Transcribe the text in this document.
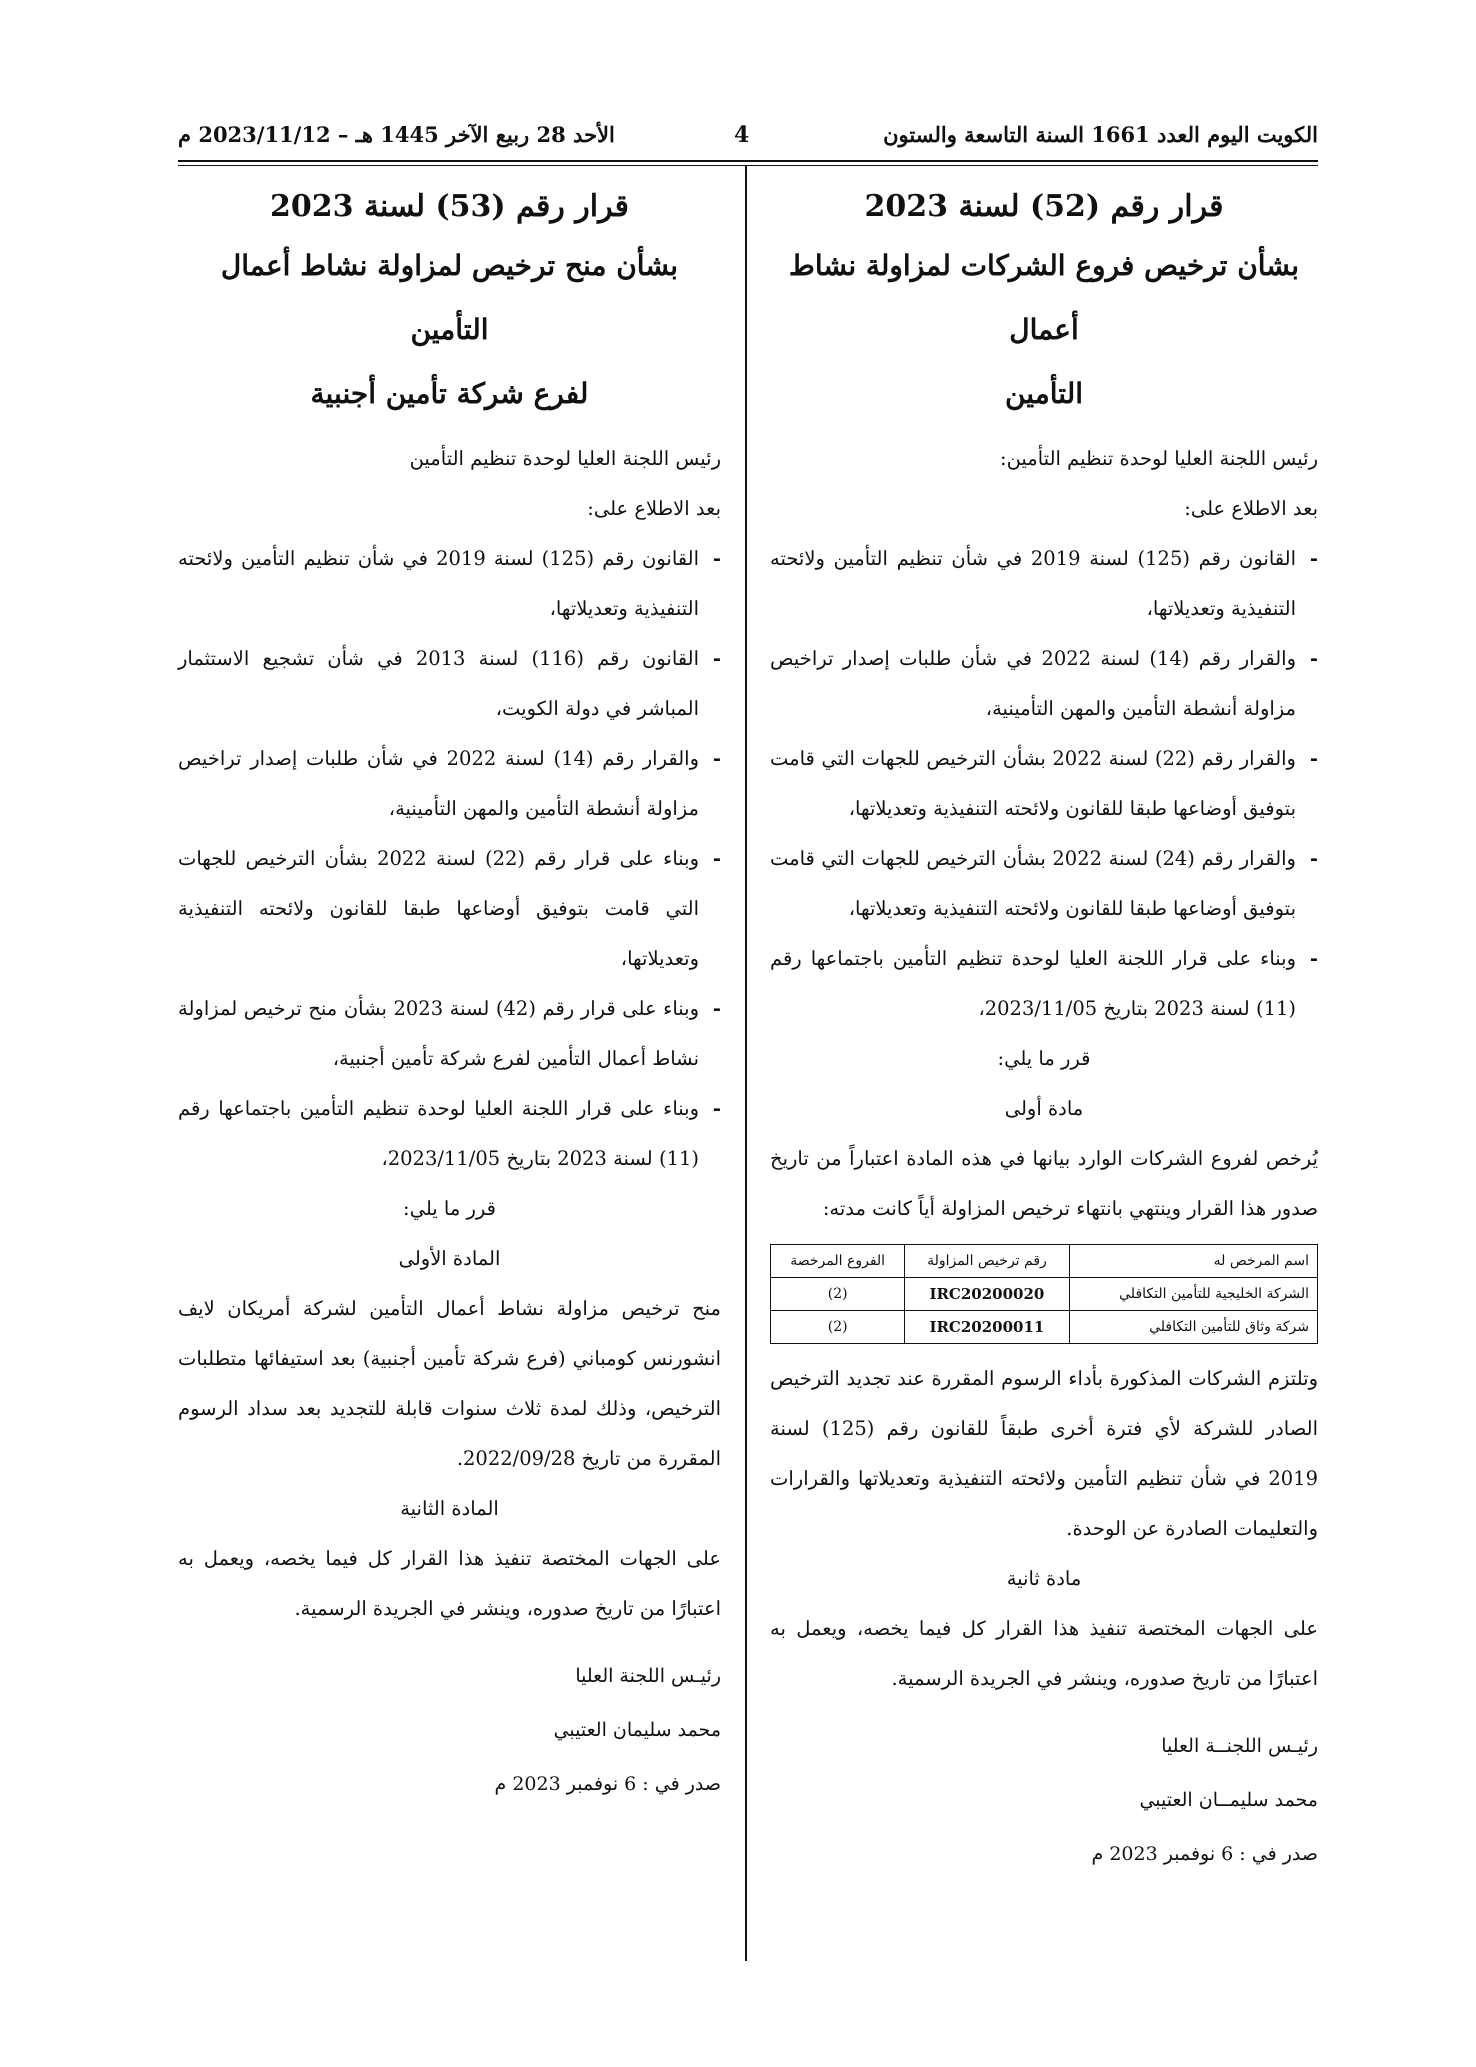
الكويت اليوم العدد 1661 السنة التاسعة والستون
4
الأحد 28 ربيع الآخر 1445 هـ – 2023/11/12 م
قرار رقم (52) لسنة 2023
بشأن ترخيص فروع الشركات لمزاولة نشاط أعمال
التأمين

رئيس اللجنة العليا لوحدة تنظيم التأمين:

بعد الاطلاع على:

- القانون رقم (125) لسنة 2019 في شأن تنظيم التأمين ولائحته التنفيذية وتعديلاتها،

- والقرار رقم (14) لسنة 2022 في شأن طلبات إصدار تراخيص مزاولة أنشطة التأمين والمهن التأمينية،

- والقرار رقم (22) لسنة 2022 بشأن الترخيص للجهات التي قامت بتوفيق أوضاعها طبقا للقانون ولائحته التنفيذية وتعديلاتها،

- والقرار رقم (24) لسنة 2022 بشأن الترخيص للجهات التي قامت بتوفيق أوضاعها طبقا للقانون ولائحته التنفيذية وتعديلاتها،

- وبناء على قرار اللجنة العليا لوحدة تنظيم التأمين باجتماعها رقم (11) لسنة 2023 بتاريخ 2023/11/05،

قرر ما يلي:

مادة أولى

يُرخص لفروع الشركات الوارد بيانها في هذه المادة اعتباراً من تاريخ صدور هذا القرار وينتهي بانتهاء ترخيص المزاولة أياً كانت مدته:

اسم المرخص له	رقم ترخيص المزاولة	الفروع المرخصة
الشركة الخليجية للتأمين التكافلي	IRC20200020	(2)
شركة وثاق للتأمين التكافلي	IRC20200011	(2)

وتلتزم الشركات المذكورة بأداء الرسوم المقررة عند تجديد الترخيص الصادر للشركة لأي فترة أخرى طبقاً للقانون رقم (125) لسنة 2019 في شأن تنظيم التأمين ولائحته التنفيذية وتعديلاتها والقرارات والتعليمات الصادرة عن الوحدة.

مادة ثانية

على الجهات المختصة تنفيذ هذا القرار كل فيما يخصه، ويعمل به اعتبارًا من تاريخ صدوره، وينشر في الجريدة الرسمية.

رئيـس اللجنــة العليا

محمد سليمــان العتيبي

صدر في : 6 نوفمبر 2023 م

قرار رقم (53) لسنة 2023
بشأن منح ترخيص لمزاولة نشاط أعمال التأمين
لفرع شركة تأمين أجنبية

رئيس اللجنة العليا لوحدة تنظيم التأمين

بعد الاطلاع على:

- القانون رقم (125) لسنة 2019 في شأن تنظيم التأمين ولائحته التنفيذية وتعديلاتها،

- القانون رقم (116) لسنة 2013 في شأن تشجيع الاستثمار المباشر في دولة الكويت،

- والقرار رقم (14) لسنة 2022 في شأن طلبات إصدار تراخيص مزاولة أنشطة التأمين والمهن التأمينية،

- وبناء على قرار رقم (22) لسنة 2022 بشأن الترخيص للجهات التي قامت بتوفيق أوضاعها طبقا للقانون ولائحته التنفيذية وتعديلاتها،

- وبناء على قرار رقم (42) لسنة 2023 بشأن منح ترخيص لمزاولة نشاط أعمال التأمين لفرع شركة تأمين أجنبية،

- وبناء على قرار اللجنة العليا لوحدة تنظيم التأمين باجتماعها رقم (11) لسنة 2023 بتاريخ 2023/11/05،

قرر ما يلي:

المادة الأولى

منح ترخيص مزاولة نشاط أعمال التأمين لشركة أمريكان لايف انشورنس كومباني (فرع شركة تأمين أجنبية) بعد استيفائها متطلبات الترخيص، وذلك لمدة ثلاث سنوات قابلة للتجديد بعد سداد الرسوم المقررة من تاريخ 2022/09/28.

المادة الثانية

على الجهات المختصة تنفيذ هذا القرار كل فيما يخصه، ويعمل به اعتبارًا من تاريخ صدوره، وينشر في الجريدة الرسمية.

رئيـس اللجنة العليا

محمد سليمان العتيبي

صدر في : 6 نوفمبر 2023 م
